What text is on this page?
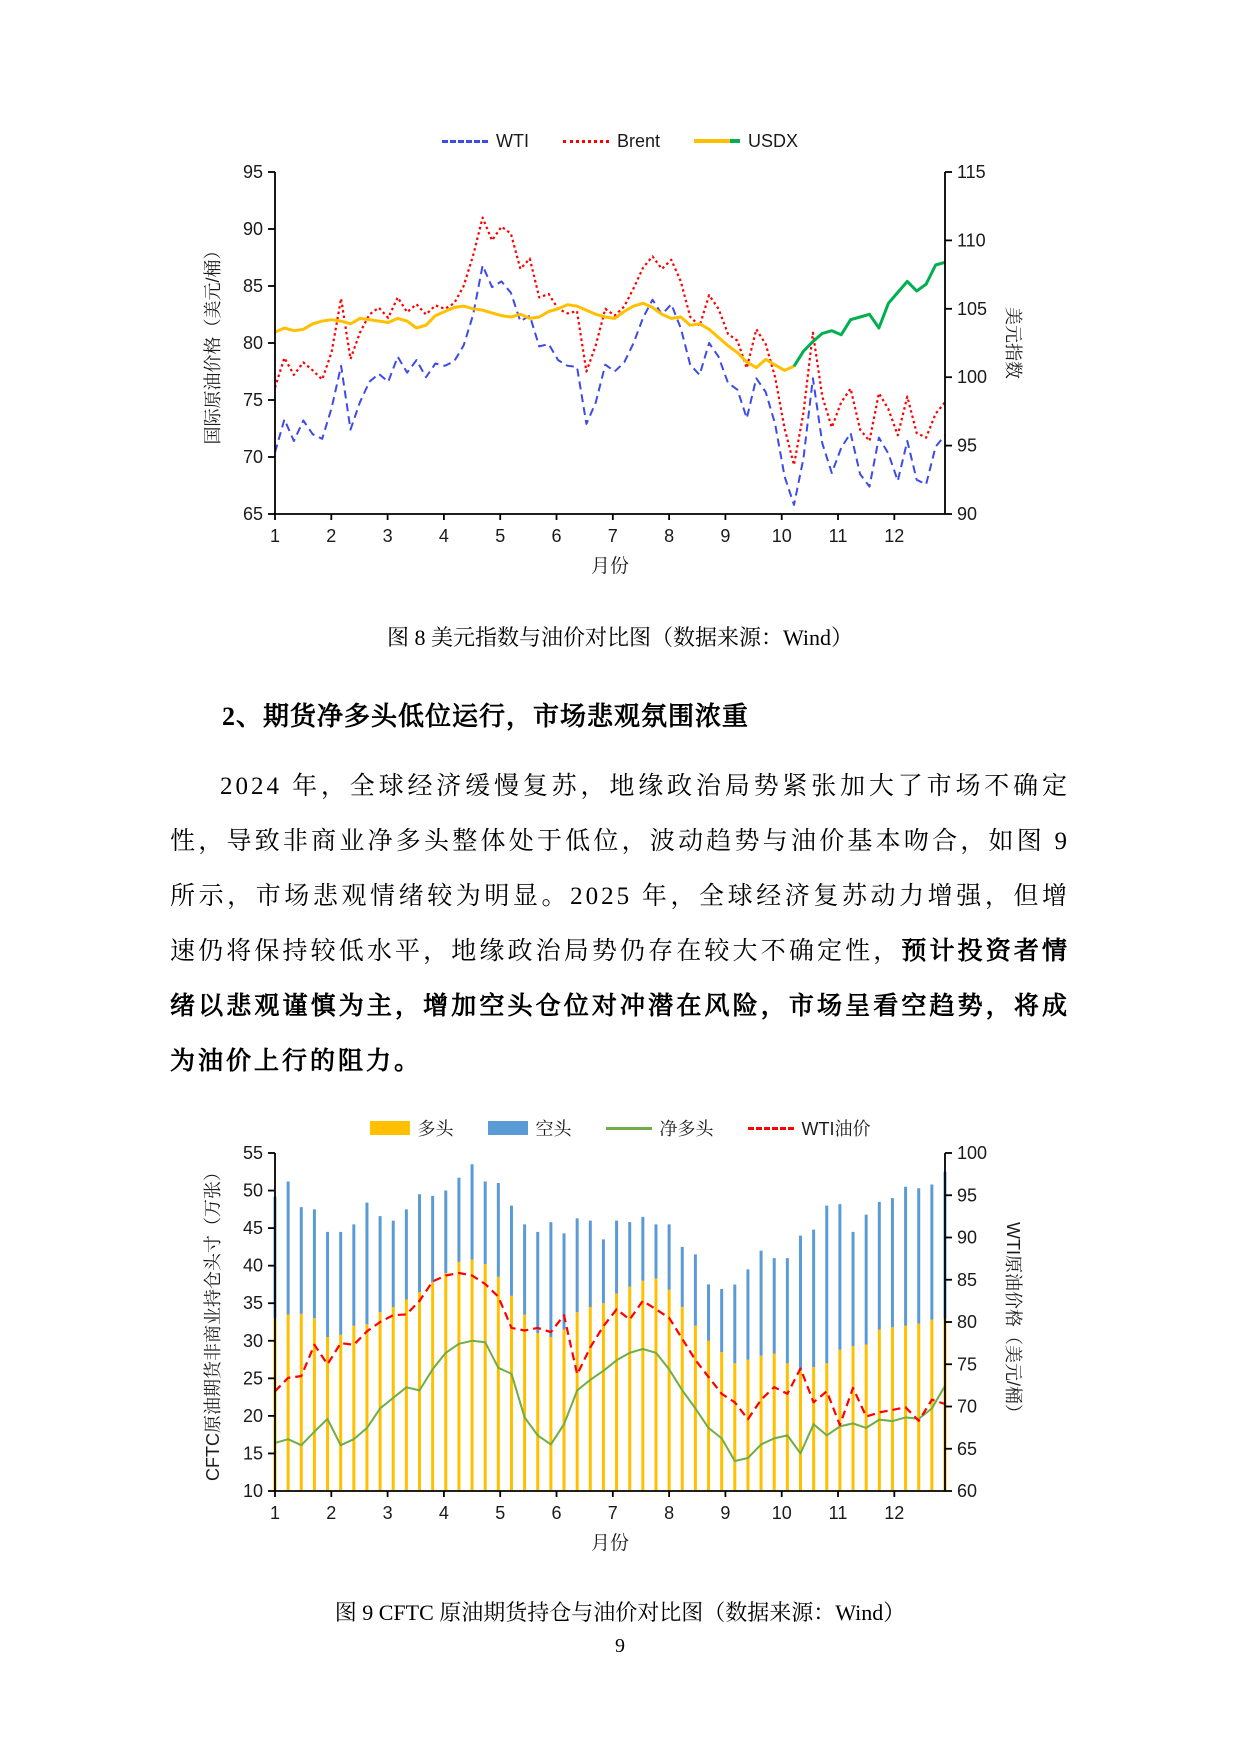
WTI	Brent	USDX
65
70
75
80
85
90
95
90
95
100
105
110
115
1	2	3	4	5	6	7	8	9 10 11 12
月份
国际原油价格（美元/桶）	美元指数

图 8 美元指数与油价对比图（数据来源：Wind）

2、期货净多头低位运行，市场悲观氛围浓重

2024 年，全球经济缓慢复苏，地缘政治局势紧张加大了市场不确定性，导致非商业净多头整体处于低位，波动趋势与油价基本吻合，如图 9 所示，市场悲观情绪较为明显。2025 年，全球经济复苏动力增强，但增速仍将保持较低水平，地缘政治局势仍存在较大不确定性，预计投资者情绪以悲观谨慎为主，增加空头仓位对冲潜在风险，市场呈看空趋势，将成为油价上行的阻力。

多头	空头	净多头	WTI油价
10
15
20
25
30
35
40
45
50
55
60
65
70
75
80
85
90
95
100
1	2	3	4	5	6	7	8	9 10 11 12
月份
CFTC原油期货非商业持仓头寸（万张）	WTI原油价格（美元/桶）

图 9 CFTC 原油期货持仓与油价对比图（数据来源：Wind）

9
